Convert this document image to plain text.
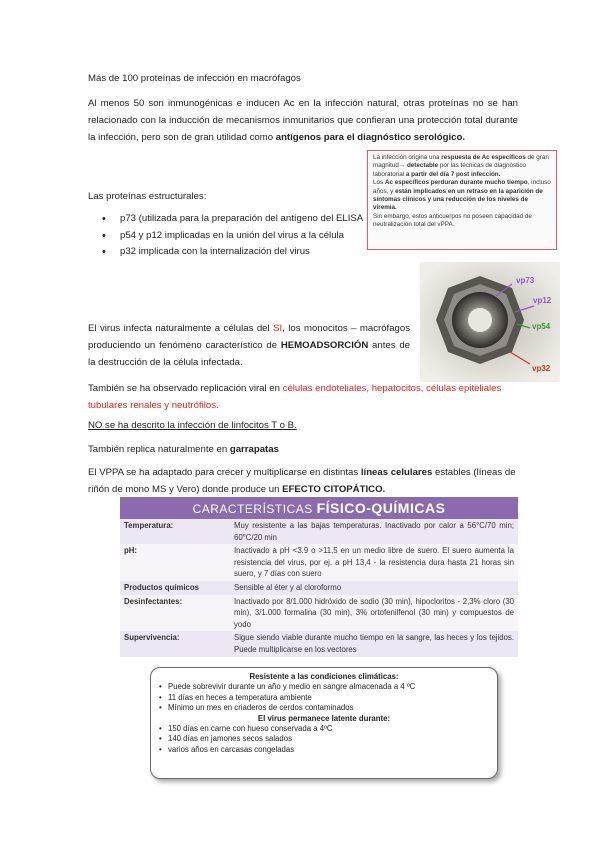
Más de 100 proteínas de infección en macrófagos

Al menos 50 son inmunogénicas e inducen Ac en la infección natural, otras proteínas no se han relacionado con la inducción de mecanismos inmunitarios que confieran una protección total durante la infección, pero son de gran utilidad como antígenos para el diagnóstico serológico.

La infección origina una respuesta de Ac específicos de gran magnitud→ detectable por las técnicas de diagnóstico laboratorial a partir del día 7 post infección.
Los Ac específicos perduran durante mucho tiempo, incluso años, y están implicados en un retraso en la aparición de síntomas clínicos y una reducción de los niveles de viremia.
Sin embargo, estos anticuerpos no poseen capacidad de neutralización total del vPPA.

Las proteínas estructurales:

• p73 (utilizada para la preparación del antígeno del ELISA
• p54 y p12 implicadas en la unión del virus a la célula
• p32 implicada con la internalización del virus
vp73
vp12
vp54
vp32

El virus infecta naturalmente a células del SI, los monocitos – macrófagos produciendo un fenómeno característico de HEMOADSORCIÓN antes de la destrucción de la célula infectada.

También se ha observado replicación viral en células endoteliales, hepatocitos, células epiteliales tubulares renales y neutrófilos.

NO se ha descrito la infección de linfocitos T o B.

También replica naturalmente en garrapatas

El VPPA se ha adaptado para crecer y multiplicarse en distintas líneas celulares estables (líneas de riñón de mono MS y Vero) donde produce un EFECTO CITOPÁTICO.

CARACTERÍSTICAS FÍSICO-QUÍMICAS
Temperatura:	Muy resistente a las bajas temperaturas. Inactivado por calor a 56°C/70 min; 60°C/20 min
pH:	Inactivado a pH <3.9 o >11,5 en un medio libre de suero. El suero aumenta la resistencia del virus, por ej. a pH 13,4 - la resistencia dura hasta 21 horas sin suero, y 7 días con suero
Productos químicos	Sensible al éter y al cloroformo
Desinfectantes:	Inactivado por 8/1.000 hidróxido de sodio (30 min), hipocloritos - 2,3% cloro (30 min), 3/1.000 formalina (30 min), 3% ortofenilfenol (30 min) y compuestos de yodo
Supervivencia:	Sigue siendo viable durante mucho tiempo en la sangre, las heces y los tejidos. Puede multiplicarse en los vectores
Resistente a las condiciones climáticas:
• Puede sobrevivir durante un año y medio en sangre almacenada a 4 ºC
• 11 días en heces a temperatura ambiente
• Mínimo un mes en criaderos de cerdos contaminados
El virus permanece latente durante:
• 150 días en carne con hueso conservada a 4ºC
• 140 días en jamones secos salados
• varios años en carcasas congeladas
